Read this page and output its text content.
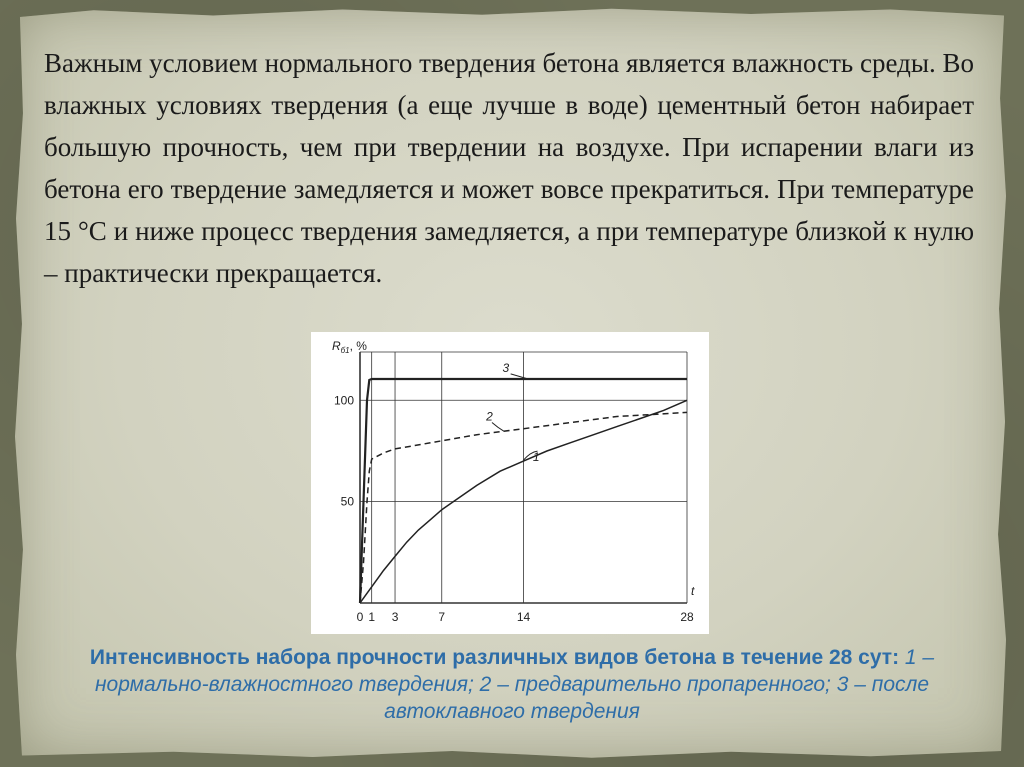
Важным условием нормального твердения бетона является влажность среды. Во влажных условиях твердения (а еще лучше в воде) цементный бетон набирает большую прочность, чем при твердении на воздухе. При испарении влаги из бетона его твердение замедляется и может вовсе прекратиться. При температуре 15 °С и ниже процесс твердения замедляется, а при температуре близкой к нулю – практически прекращается.

0 1 3	7	14	28
50
100
$R_{б1}$, %
t
1
2
3
Интенсивность набора прочности различных видов бетона в течение 28 сут: 1 – нормально-влажностного твердения; 2 – предварительно пропаренного; 3 – после автоклавного твердения
